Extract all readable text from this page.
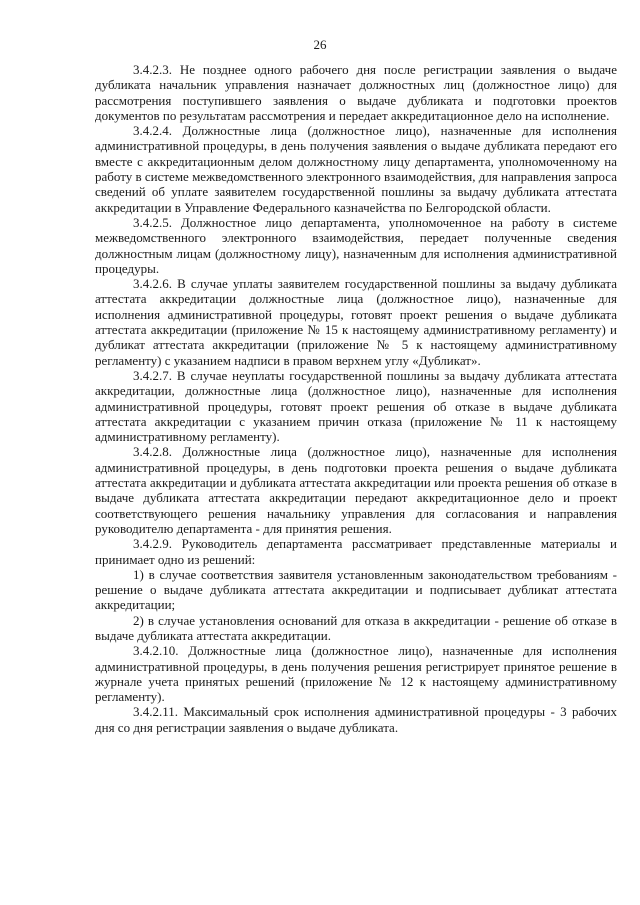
26

3.4.2.3. Не позднее одного рабочего дня после регистрации заявления о выдаче дубликата начальник управления назначает должностных лиц (должностное лицо) для рассмотрения поступившего заявления о выдаче дубликата и подготовки проектов документов по результатам рассмотрения и передает аккредитационное дело на исполнение.

3.4.2.4. Должностные лица (должностное лицо), назначенные для исполнения административной процедуры, в день получения заявления о выдаче дубликата передают его вместе с аккредитационным делом должностному лицу департамента, уполномоченному на работу в системе межведомственного электронного взаимодействия, для направления запроса сведений об уплате заявителем государственной пошлины за выдачу дубликата аттестата аккредитации в Управление Федерального казначейства по Белгородской области.

3.4.2.5. Должностное лицо департамента, уполномоченное на работу в системе межведомственного электронного взаимодействия, передает полученные сведения должностным лицам (должностному лицу), назначенным для исполнения административной процедуры.

3.4.2.6. В случае уплаты заявителем государственной пошлины за выдачу дубликата аттестата аккредитации должностные лица (должностное лицо), назначенные для исполнения административной процедуры, готовят проект решения о выдаче дубликата аттестата аккредитации (приложение № 15 к настоящему административному регламенту) и дубликат аттестата аккредитации (приложение № 5 к настоящему административному регламенту) с указанием надписи в правом верхнем углу «Дубликат».

3.4.2.7. В случае неуплаты государственной пошлины за выдачу дубликата аттестата аккредитации, должностные лица (должностное лицо), назначенные для исполнения административной процедуры, готовят проект решения об отказе в выдаче дубликата аттестата аккредитации с указанием причин отказа (приложение № 11 к настоящему административному регламенту).

3.4.2.8. Должностные лица (должностное лицо), назначенные для исполнения административной процедуры, в день подготовки проекта решения о выдаче дубликата аттестата аккредитации и дубликата аттестата аккредитации или проекта решения об отказе в выдаче дубликата аттестата аккредитации передают аккредитационное дело и проект соответствующего решения начальнику управления для согласования и направления руководителю департамента - для принятия решения.

3.4.2.9. Руководитель департамента рассматривает представленные материалы и принимает одно из решений:

1) в случае соответствия заявителя установленным законодательством требованиям - решение о выдаче дубликата аттестата аккредитации и подписывает дубликат аттестата аккредитации;

2) в случае установления оснований для отказа в аккредитации - решение об отказе в выдаче дубликата аттестата аккредитации.

3.4.2.10. Должностные лица (должностное лицо), назначенные для исполнения административной процедуры, в день получения решения регистрирует принятое решение в журнале учета принятых решений (приложение № 12 к настоящему административному регламенту).

3.4.2.11. Максимальный срок исполнения административной процедуры - 3 рабочих дня со дня регистрации заявления о выдаче дубликата.
